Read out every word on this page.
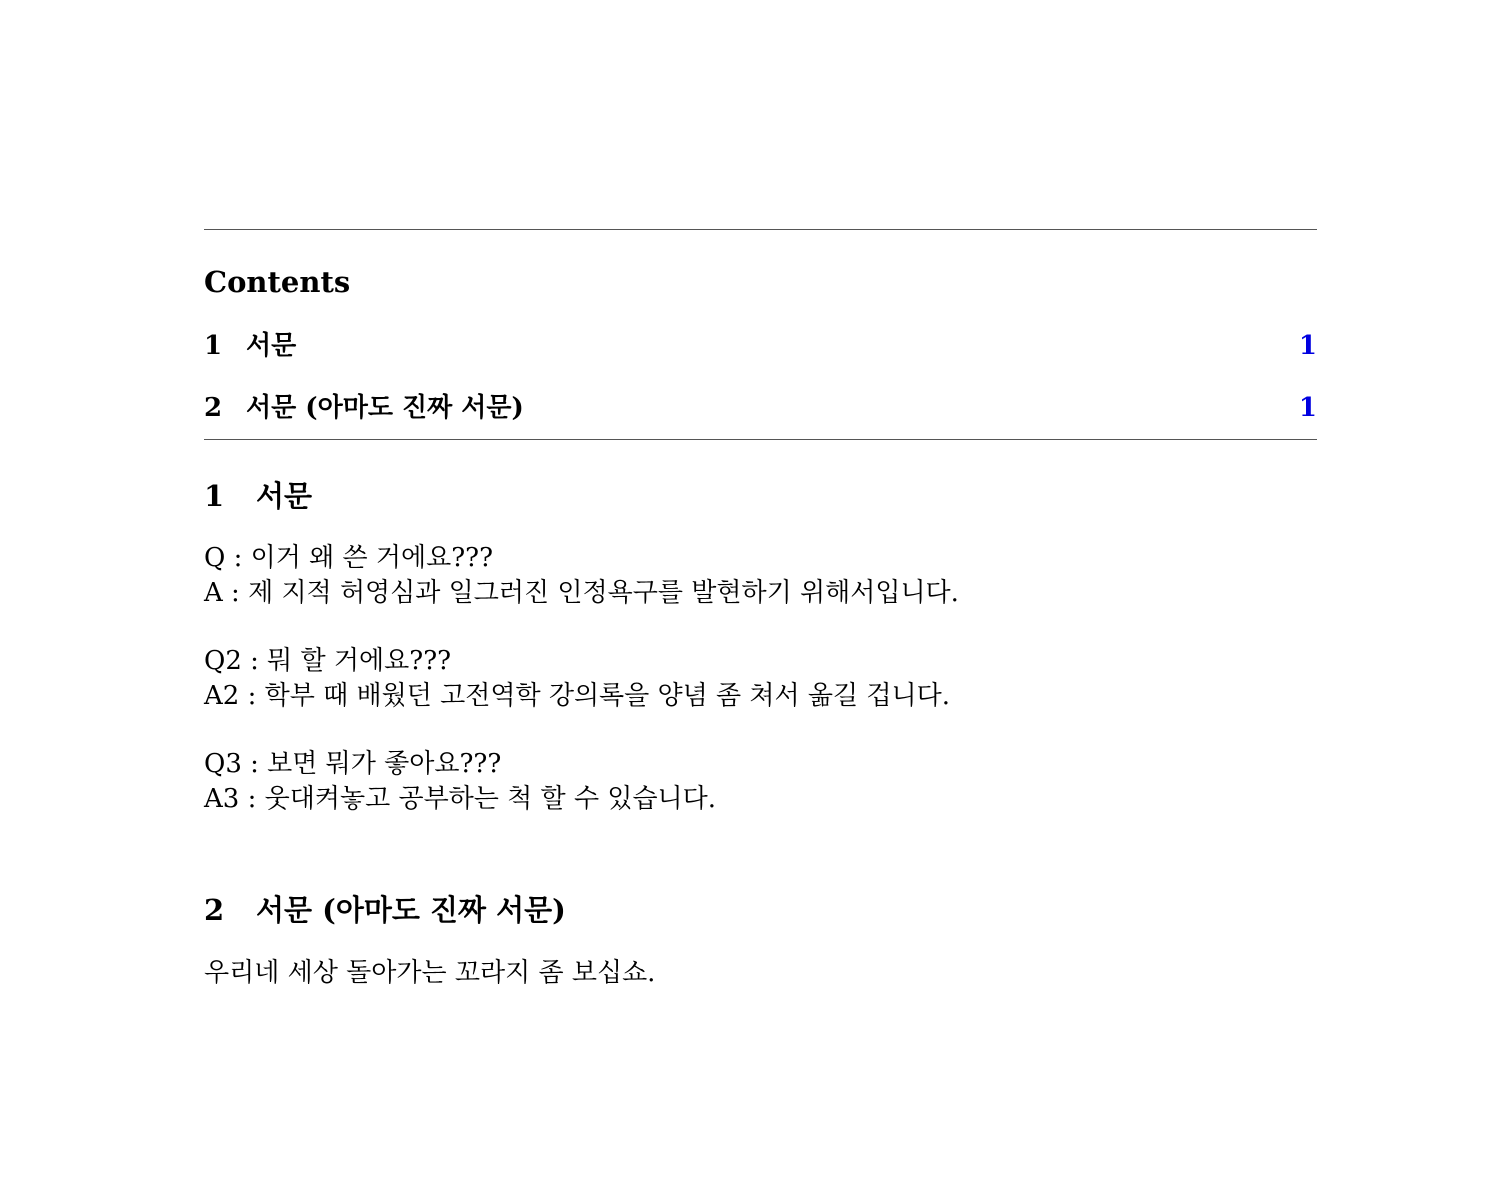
Contents
1 서문	1
2 서문 (아마도 진짜 서문)	1
1 서문
Q : 이거 왜 쓴 거에요???
A : 제 지적 허영심과 일그러진 인정욕구를 발현하기 위해서입니다.
Q2 : 뭐 할 거에요???
A2 : 학부 때 배웠던 고전역학 강의록을 양념 좀 쳐서 옮길 겁니다.
Q3 : 보면 뭐가 좋아요???
A3 : 웃대켜놓고 공부하는 척 할 수 있습니다.
2 서문 (아마도 진짜 서문)
우리네 세상 돌아가는 꼬라지 좀 보십쇼.
